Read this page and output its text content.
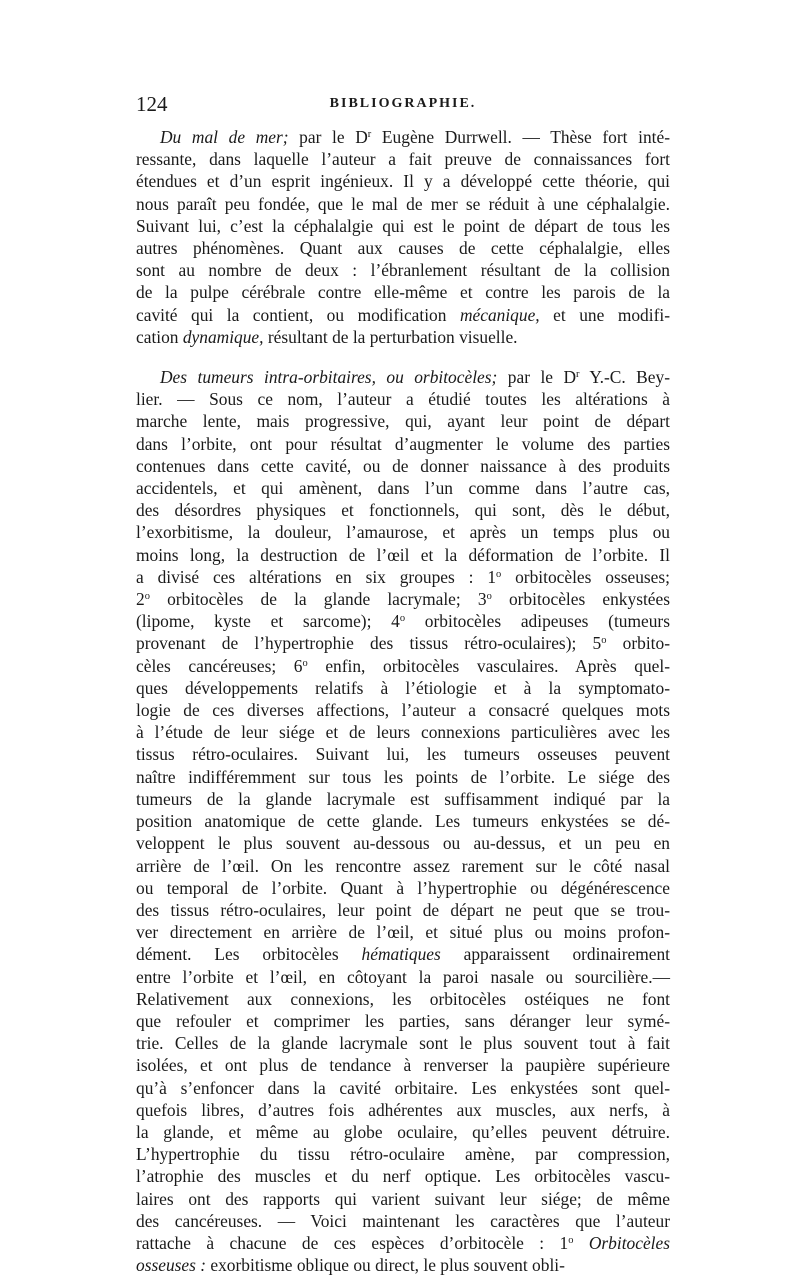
124	BIBLIOGRAPHIE.
Du mal de mer; par le $D^r$ Eugène Durrwell. — Thèse fort inté-
ressante, dans laquelle l’auteur a fait preuve de connaissances fort
étendues et d’un esprit ingénieux. Il y a développé cette théorie, qui
nous paraît peu fondée, que le mal de mer se réduit à une céphalalgie.
Suivant lui, c’est la céphalalgie qui est le point de départ de tous les
autres phénomènes. Quant aux causes de cette céphalalgie, elles
sont au nombre de deux : l’ébranlement résultant de la collision
de la pulpe cérébrale contre elle-même et contre les parois de la
cavité qui la contient, ou modification mécanique, et une modifi-
cation dynamique, résultant de la perturbation visuelle.
Des tumeurs intra-orbitaires, ou orbitocèles; par le $D^r$ Y.-C. Bey-
lier. — Sous ce nom, l’auteur a étudié toutes les altérations à
marche lente, mais progressive, qui, ayant leur point de départ
dans l’orbite, ont pour résultat d’augmenter le volume des parties
contenues dans cette cavité, ou de donner naissance à des produits
accidentels, et qui amènent, dans l’un comme dans l’autre cas,
des désordres physiques et fonctionnels, qui sont, dès le début,
l’exorbitisme, la douleur, l’amaurose, et après un temps plus ou
moins long, la destruction de l’œil et la déformation de l’orbite. Il
a divisé ces altérations en six groupes : 1$^o$ orbitocèles osseuses;
2$^o$ orbitocèles de la glande lacrymale; 3$^o$ orbitocèles enkystées
(lipome, kyste et sarcome); 4$^o$ orbitocèles adipeuses (tumeurs
provenant de l’hypertrophie des tissus rétro-oculaires); 5$^o$ orbito-
cèles cancéreuses; 6$^o$ enfin, orbitocèles vasculaires. Après quel-
ques développements relatifs à l’étiologie et à la symptomato-
logie de ces diverses affections, l’auteur a consacré quelques mots
à l’étude de leur siége et de leurs connexions particulières avec les
tissus rétro-oculaires. Suivant lui, les tumeurs osseuses peuvent
naître indifféremment sur tous les points de l’orbite. Le siége des
tumeurs de la glande lacrymale est suffisamment indiqué par la
position anatomique de cette glande. Les tumeurs enkystées se dé-
veloppent le plus souvent au-dessous ou au-dessus, et un peu en
arrière de l’œil. On les rencontre assez rarement sur le côté nasal
ou temporal de l’orbite. Quant à l’hypertrophie ou dégénérescence
des tissus rétro-oculaires, leur point de départ ne peut que se trou-
ver directement en arrière de l’œil, et situé plus ou moins profon-
dément. Les orbitocèles hématiques apparaissent ordinairement
entre l’orbite et l’œil, en côtoyant la paroi nasale ou sourcilière.—
Relativement aux connexions, les orbitocèles ostéiques ne font
que refouler et comprimer les parties, sans déranger leur symé-
trie. Celles de la glande lacrymale sont le plus souvent tout à fait
isolées, et ont plus de tendance à renverser la paupière supérieure
qu’à s’enfoncer dans la cavité orbitaire. Les enkystées sont quel-
quefois libres, d’autres fois adhérentes aux muscles, aux nerfs, à
la glande, et même au globe oculaire, qu’elles peuvent détruire.
L’hypertrophie du tissu rétro-oculaire amène, par compression,
l’atrophie des muscles et du nerf optique. Les orbitocèles vascu-
laires ont des rapports qui varient suivant leur siége; de même
des cancéreuses. — Voici maintenant les caractères que l’auteur
rattache à chacune de ces espèces d’orbitocèle : 1$^o$ Orbitocèles
osseuses : exorbitisme oblique ou direct, le plus souvent obli-
